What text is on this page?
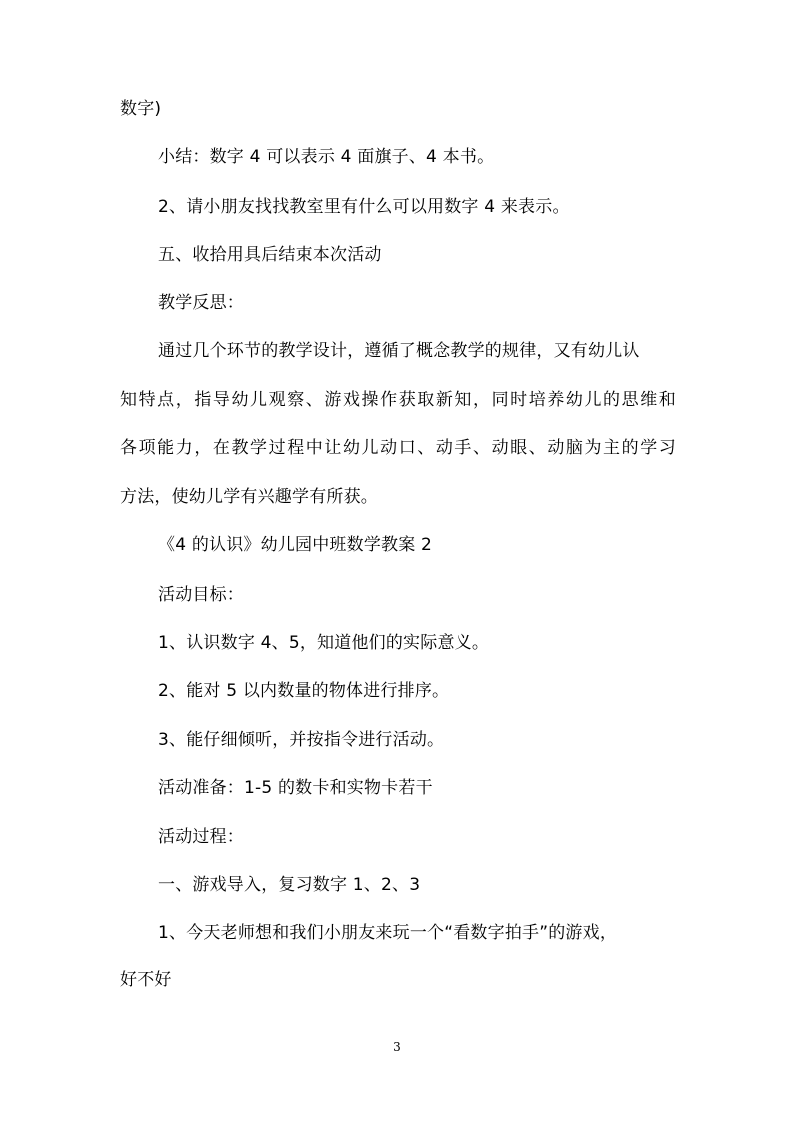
数字)
小结：数字 4 可以表示 4 面旗子、4 本书。
2、请小朋友找找教室里有什么可以用数字 4 来表示。
五、收拾用具后结束本次活动
教学反思：
通过几个环节的教学设计，遵循了概念教学的规律，又有幼儿认
知特点，指导幼儿观察、游戏操作获取新知，同时培养幼儿的思维和
各项能力，在教学过程中让幼儿动口、动手、动眼、动脑为主的学习
方法，使幼儿学有兴趣学有所获。
《4 的认识》幼儿园中班数学教案 2
活动目标：
1、认识数字 4、5，知道他们的实际意义。
2、能对 5 以内数量的物体进行排序。
3、能仔细倾听，并按指令进行活动。
活动准备：1-5 的数卡和实物卡若干
活动过程：
一、游戏导入，复习数字 1、2、3
1、今天老师想和我们小朋友来玩一个“看数字拍手”的游戏，
好不好
3
